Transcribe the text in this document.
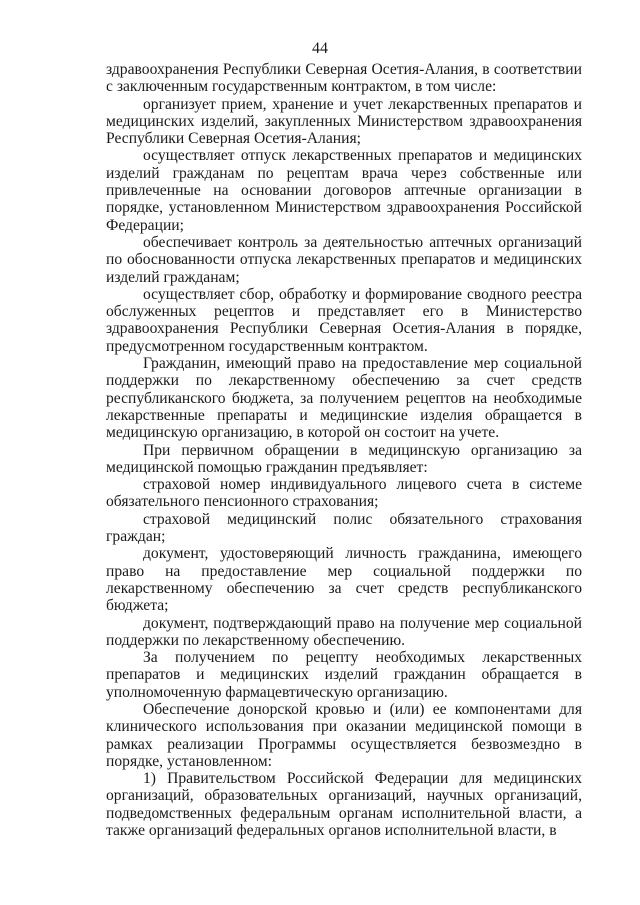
44

здравоохранения Республики Северная Осетия-Алания, в соответствии с заключенным государственным контрактом, в том числе:

организует прием, хранение и учет лекарственных препаратов и медицинских изделий, закупленных Министерством здравоохранения Республики Северная Осетия-Алания;

осуществляет отпуск лекарственных препаратов и медицинских изделий гражданам по рецептам врача через собственные или привлеченные на основании договоров аптечные организации в порядке, установленном Министерством здравоохранения Российской Федерации;

обеспечивает контроль за деятельностью аптечных организаций по обоснованности отпуска лекарственных препаратов и медицинских изделий гражданам;

осуществляет сбор, обработку и формирование сводного реестра обслуженных рецептов и представляет его в Министерство здравоохранения Республики Северная Осетия-Алания в порядке, предусмотренном государственным контрактом.

Гражданин, имеющий право на предоставление мер социальной поддержки по лекарственному обеспечению за счет средств республиканского бюджета, за получением рецептов на необходимые лекарственные препараты и медицинские изделия обращается в медицинскую организацию, в которой он состоит на учете.

При первичном обращении в медицинскую организацию за медицинской помощью гражданин предъявляет:

страховой номер индивидуального лицевого счета в системе обязательного пенсионного страхования;

страховой медицинский полис обязательного страхования граждан;

документ, удостоверяющий личность гражданина, имеющего право на предоставление мер социальной поддержки по лекарственному обеспечению за счет средств республиканского бюджета;

документ, подтверждающий право на получение мер социальной поддержки по лекарственному обеспечению.

За получением по рецепту необходимых лекарственных препаратов и медицинских изделий гражданин обращается в уполномоченную фармацевтическую организацию.

Обеспечение донорской кровью и (или) ее компонентами для клинического использования при оказании медицинской помощи в рамках реализации Программы осуществляется безвозмездно в порядке, установленном:

1) Правительством Российской Федерации для медицинских организаций, образовательных организаций, научных организаций, подведомственных федеральным органам исполнительной власти, а также организаций федеральных органов исполнительной власти, в
